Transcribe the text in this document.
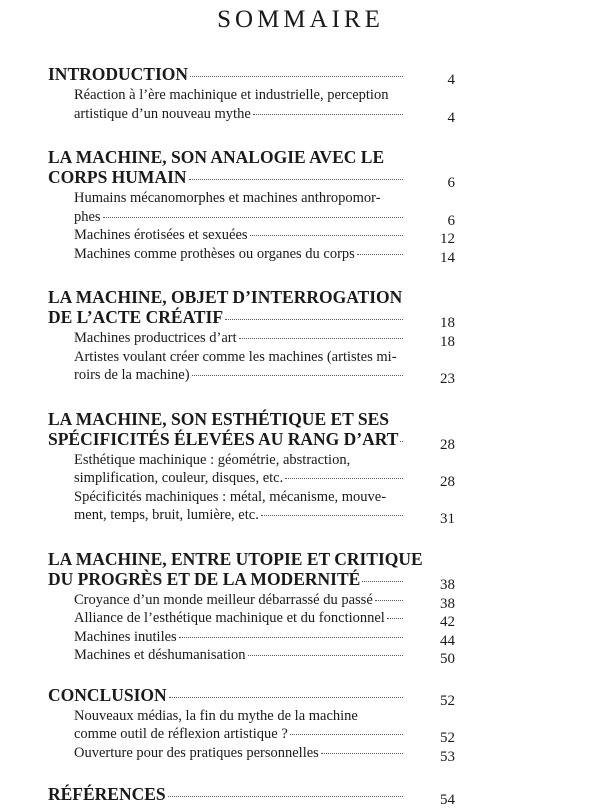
SOMMAIRE
INTRODUCTION	4
Réaction à l’ère machinique et industrielle, perception
artistique d’un nouveau mythe	4
LA MACHINE, SON ANALOGIE AVEC LE
CORPS HUMAIN	6
Humains mécanomorphes et machines anthropomor-
phes	6
Machines érotisées et sexuées	12
Machines comme prothèses ou organes du corps	14
LA MACHINE, OBJET D’INTERROGATION
DE L’ACTE CRÉATIF	18
Machines productrices d’art	18
Artistes voulant créer comme les machines (artistes mi-
roirs de la machine)	23
LA MACHINE, SON ESTHÉTIQUE ET SES
SPÉCIFICITÉS ÉLEVÉES AU RANG D’ART	28
Esthétique machinique : géométrie, abstraction,
simplification, couleur, disques, etc.	28
Spécificités machiniques : métal, mécanisme, mouve-
ment, temps, bruit, lumière, etc.	31
LA MACHINE, ENTRE UTOPIE ET CRITIQUE
DU PROGRÈS ET DE LA MODERNITÉ	38
Croyance d’un monde meilleur débarrassé du passé	38
Alliance de l’esthétique machinique et du fonctionnel	42
Machines inutiles	44
Machines et déshumanisation	50
CONCLUSION	52
Nouveaux médias, la fin du mythe de la machine
comme outil de réflexion artistique ?	52
Ouverture pour des pratiques personnelles	53
RÉFÉRENCES	54
